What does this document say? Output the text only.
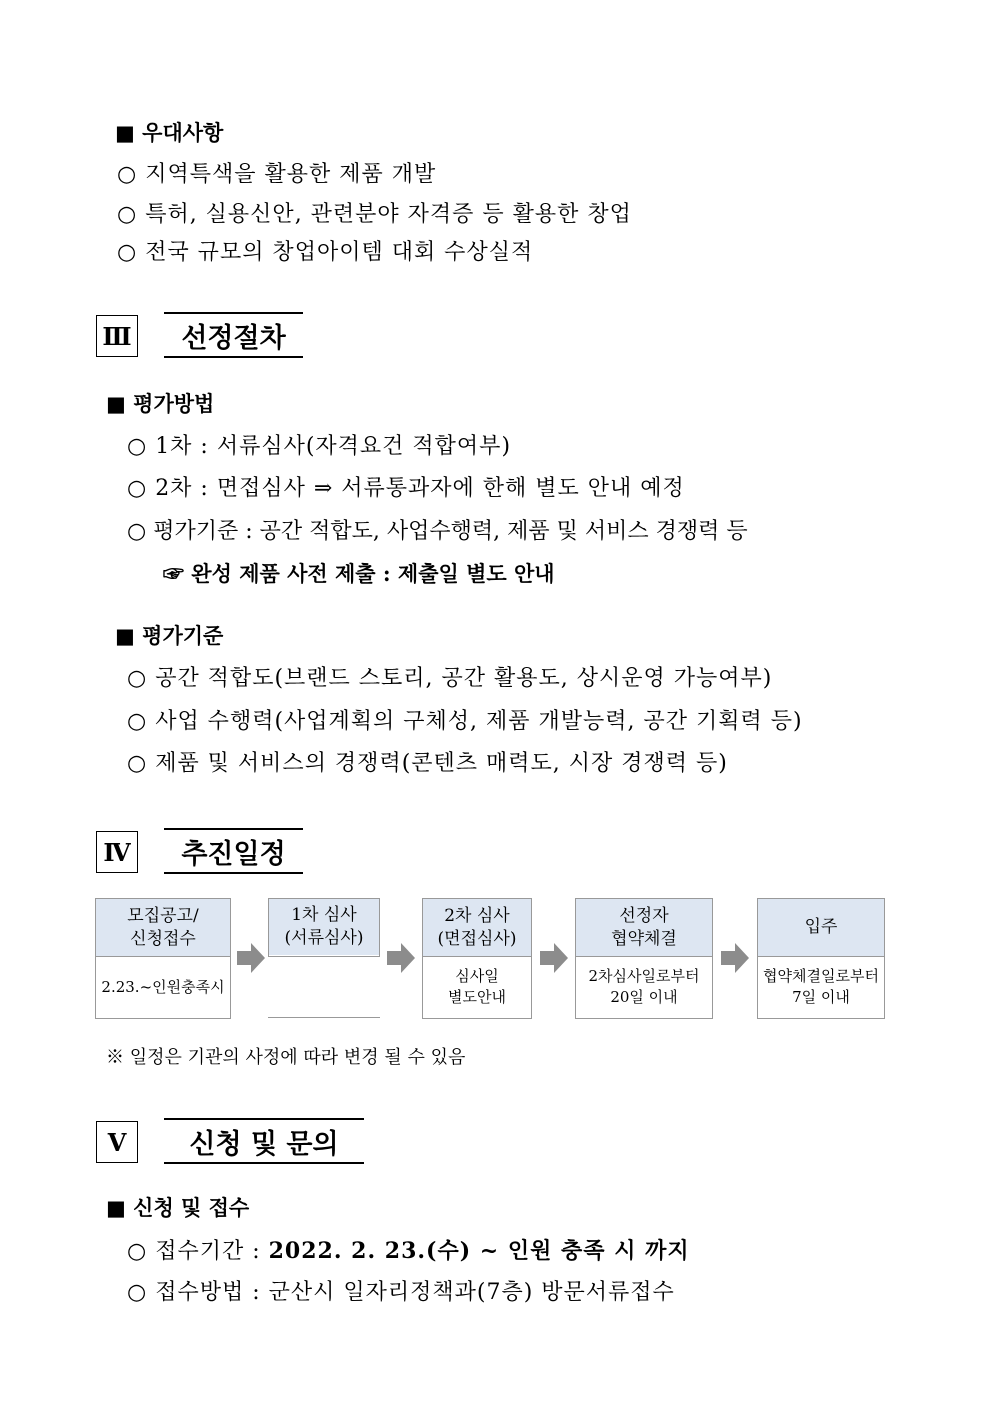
■ 우대사항
○ 지역특색을 활용한 제품 개발
○ 특허, 실용신안, 관련분야 자격증 등 활용한 창업
○ 전국 규모의 창업아이템 대회 수상실적
Ⅲ	선정절차
■ 평가방법
○ 1차 : 서류심사(자격요건 적합여부)
○ 2차 : 면접심사 ⇒ 서류통과자에 한해 별도 안내 예정
○ 평가기준 : 공간 적합도, 사업수행력, 제품 및 서비스 경쟁력 등
☞ 완성 제품 사전 제출 : 제출일 별도 안내
■ 평가기준
○ 공간 적합도(브랜드 스토리, 공간 활용도, 상시운영 가능여부)
○ 사업 수행력(사업계획의 구체성, 제품 개발능력, 공간 기획력 등)
○ 제품 및 서비스의 경쟁력(콘텐츠 매력도, 시장 경쟁력 등)
Ⅳ	추진일정
모집공고/
신청접수
2.23.~인원충족시
1차 심사
(서류심사)
2차 심사
(면접심사)
심사일
별도안내
선정자
협약체결
2차심사일로부터
20일 이내
입주
협약체결일로부터
7일 이내
※ 일정은 기관의 사정에 따라 변경 될 수 있음
Ⅴ	신청 및 문의
■ 신청 및 접수
○ 접수기간 : 2022. 2. 23.(수) ~ 인원 충족 시 까지
○ 접수방법 : 군산시 일자리정책과(7층) 방문서류접수
